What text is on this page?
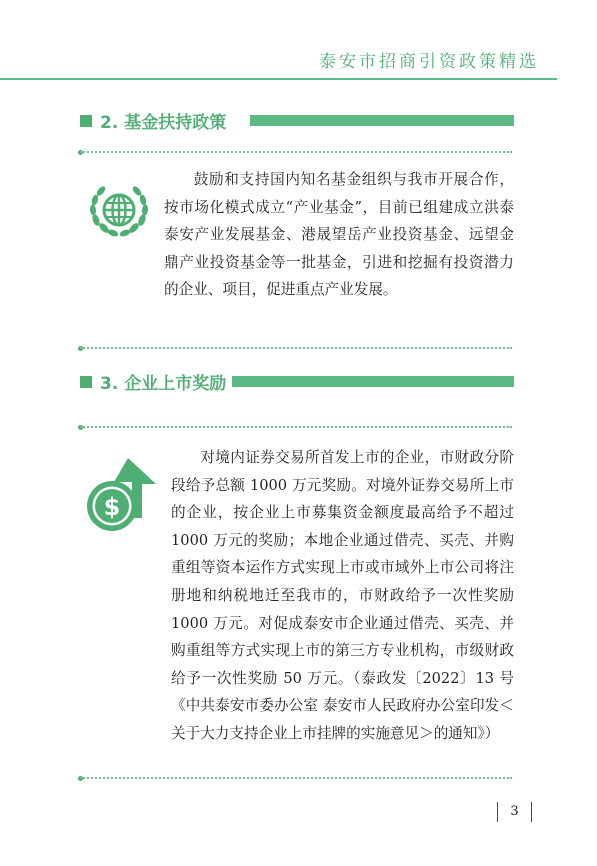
泰安市招商引资政策精选
2. 基金扶持政策
鼓励和支持国内知名基金组织与我市开展合作，按市场化模式成立“产业基金”，目前已组建成立洪泰泰安产业发展基金、港晟望岳产业投资基金、远望金鼎产业投资基金等一批基金，引进和挖掘有投资潜力的企业、项目，促进重点产业发展。
3. 企业上市奖励
$
对境内证券交易所首发上市的企业，市财政分阶段给予总额 1000 万元奖励。对境外证券交易所上市的企业，按企业上市募集资金额度最高给予不超过 1000 万元的奖励；本地企业通过借壳、买壳、并购重组等资本运作方式实现上市或市域外上市公司将注册地和纳税地迁至我市的，市财政给予一次性奖励 1000 万元。对促成泰安市企业通过借壳、买壳、并购重组等方式实现上市的第三方专业机构，市级财政给予一次性奖励 50 万元。（泰政发〔2022〕13 号《中共泰安市委办公室 泰安市人民政府办公室印发＜关于大力支持企业上市挂牌的实施意见＞的通知》）
3
